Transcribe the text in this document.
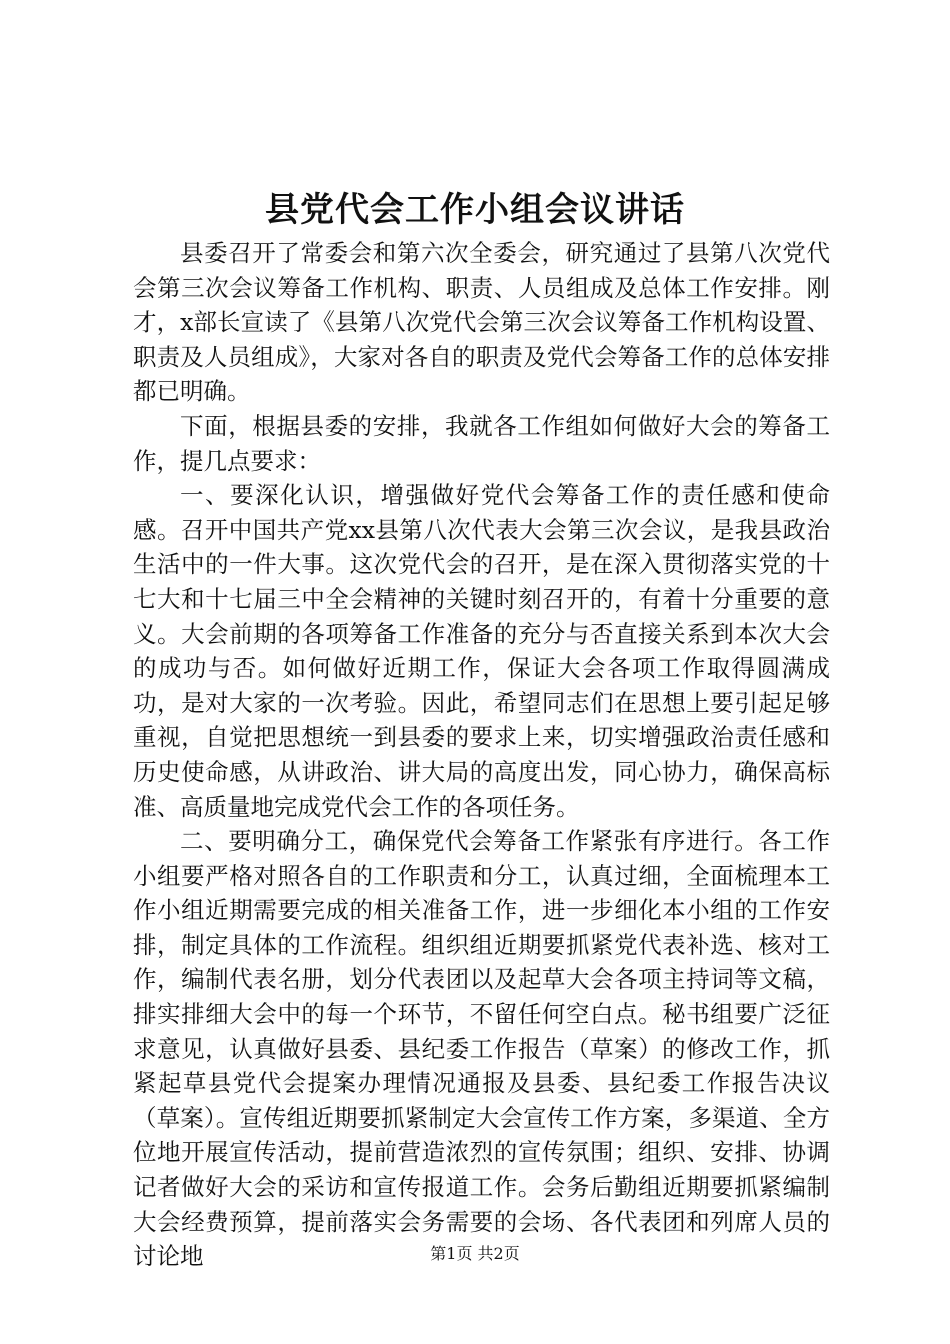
县党代会工作小组会议讲话

县委召开了常委会和第六次全委会，研究通过了县第八次党代会第三次会议筹备工作机构、职责、人员组成及总体工作安排。刚才，x部长宣读了《县第八次党代会第三次会议筹备工作机构设置、职责及人员组成》，大家对各自的职责及党代会筹备工作的总体安排都已明确。

下面，根据县委的安排，我就各工作组如何做好大会的筹备工作，提几点要求：

一、要深化认识，增强做好党代会筹备工作的责任感和使命感。召开中国共产党xx县第八次代表大会第三次会议，是我县政治生活中的一件大事。这次党代会的召开，是在深入贯彻落实党的十七大和十七届三中全会精神的关键时刻召开的，有着十分重要的意义。大会前期的各项筹备工作准备的充分与否直接关系到本次大会的成功与否。如何做好近期工作，保证大会各项工作取得圆满成功，是对大家的一次考验。因此，希望同志们在思想上要引起足够重视，自觉把思想统一到县委的要求上来，切实增强政治责任感和历史使命感，从讲政治、讲大局的高度出发，同心协力，确保高标准、高质量地完成党代会工作的各项任务。

二、要明确分工，确保党代会筹备工作紧张有序进行。各工作小组要严格对照各自的工作职责和分工，认真过细，全面梳理本工作小组近期需要完成的相关准备工作，进一步细化本小组的工作安排，制定具体的工作流程。组织组近期要抓紧党代表补选、核对工作，编制代表名册，划分代表团以及起草大会各项主持词等文稿，排实排细大会中的每一个环节，不留任何空白点。秘书组要广泛征求意见，认真做好县委、县纪委工作报告（草案）的修改工作，抓紧起草县党代会提案办理情况通报及县委、县纪委工作报告决议（草案）。宣传组近期要抓紧制定大会宣传工作方案，多渠道、全方位地开展宣传活动，提前营造浓烈的宣传氛围；组织、安排、协调记者做好大会的采访和宣传报道工作。会务后勤组近期要抓紧编制大会经费预算，提前落实会务需要的会场、各代表团和列席人员的讨论地	第1页 共2页
